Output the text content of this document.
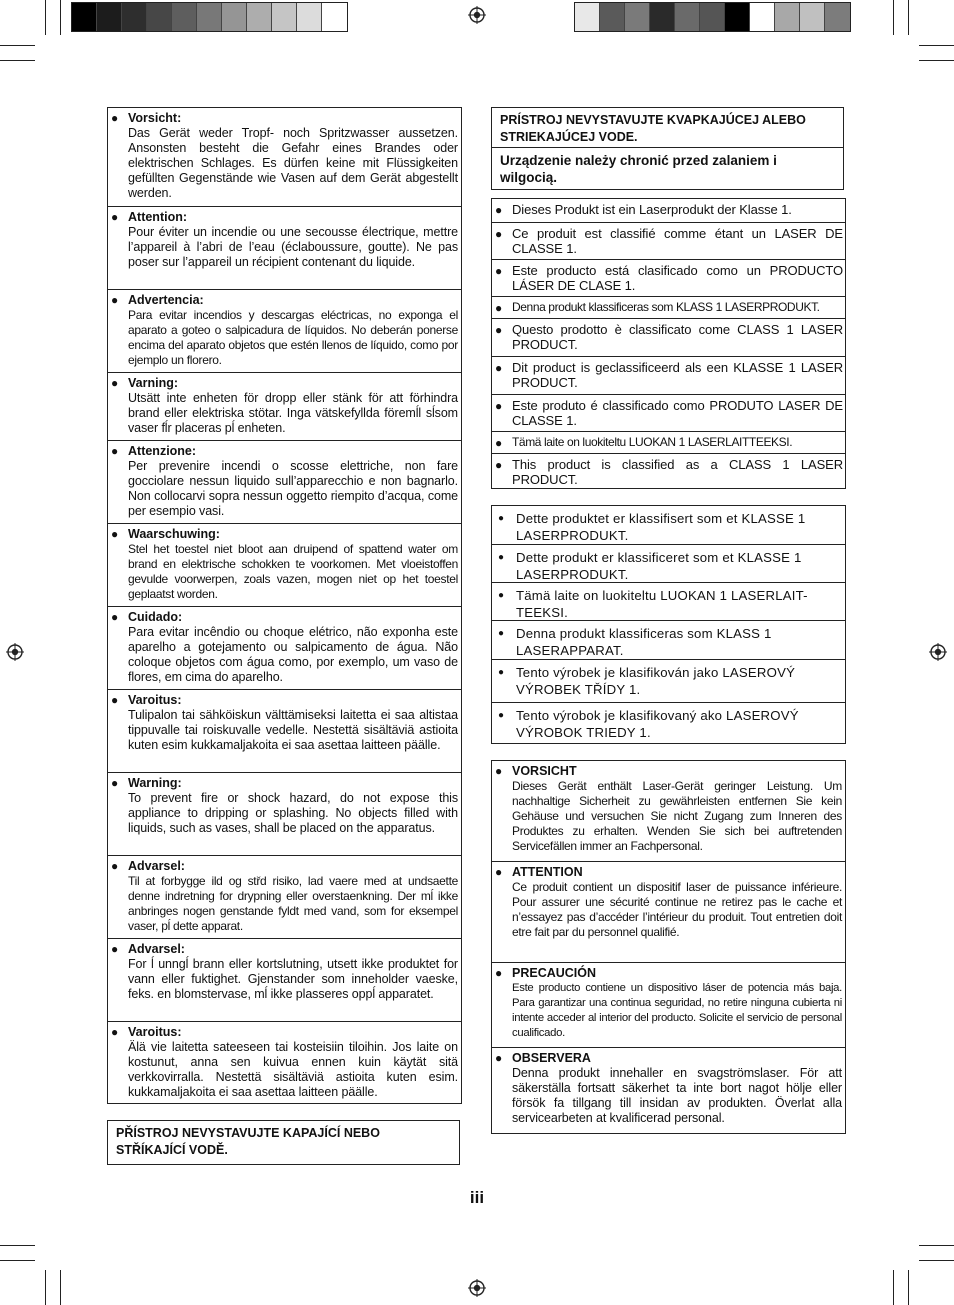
● Vorsicht:
Das Gerät weder Tropf- noch Spritzwasser aussetzen. Ansonsten besteht die Gefahr eines Brandes oder elektrischen Schlages. Es dürfen keine mit Flüssigkeiten gefüllten Gegenstände wie Vasen auf dem Gerät abgestellt werden.
● Attention:
Pour éviter un incendie ou une secousse électrique, mettre l’appareil à l’abri de l’eau (éclaboussure, goutte). Ne pas poser sur l’appareil un récipient contenant du liquide.
● Advertencia:
Para evitar incendios y descargas eléctricas, no exponga el aparato a goteo o salpicadura de líquidos. No deberán ponerse encima del aparato objetos que estén llenos de líquido, como por ejemplo un florero.
● Varning:
Utsätt inte enheten för dropp eller stänk för att förhindra brand eller elektriska stötar. Inga vätskefyllda föremĺl sĺsom vaser fĺr placeras pĺ enheten.
● Attenzione:
Per prevenire incendi o scosse elettriche, non fare gocciolare nessun liquido sull’apparecchio e non bagnarlo. Non collocarvi sopra nessun oggetto riempito d’acqua, come per esempio vasi.
● Waarschuwing:
Stel het toestel niet bloot aan druipend of spattend water om brand en elektrische schokken te voorkomen. Met vloeistoffen gevulde voorwerpen, zoals vazen, mogen niet op het toestel geplaatst worden.
● Cuidado:
Para evitar incêndio ou choque elétrico, não exponha este aparelho a gotejamento ou salpicamento de água. Não coloque objetos com água como, por exemplo, um vaso de flores, em cima do aparelho.
● Varoitus:
Tulipalon tai sähköiskun välttämiseksi laitetta ei saa altistaa tippuvalle tai roiskuvalle vedelle. Nestettä sisältäviä astioita kuten esim kukkamaljakoita ei saa asettaa laitteen päälle.
● Warning:
To prevent fire or shock hazard, do not expose this appliance to dripping or splashing. No objects filled with liquids, such as vases, shall be placed on the apparatus.
● Advarsel:
Til at forbygge ild og střd risiko, lad vaere med at undsaette denne indretning for drypning eller overstaenkning. Der mĺ ikke anbringes nogen genstande fyldt med vand, som for eksempel vaser, pĺ dette apparat.
● Advarsel:
For ĺ unngĺ brann eller kortslutning, utsett ikke produktet for vann eller fuktighet. Gjenstander som inneholder vaeske, feks. en blomstervase, mĺ ikke plasseres oppĺ apparatet.
● Varoitus:
Älä vie laitetta sateeseen tai kosteisiin tiloihin. Jos laite on kostunut, anna sen kuivua ennen kuin käytät sitä verkkovirralla. Nestettä sisältäviä astioita kuten esim. kukkamaljakoita ei saa asettaa laitteen päälle.
PŘÍSTROJ NEVYSTAVUJTE KAPAJÍCÍ NEBO STŘÍKAJÍCÍ VODĚ.
PRÍSTROJ NEVYSTAVUJTE KVAPKAJÚCEJ ALEBO STRIEKAJÚCEJ VODE.
Urządzenie należy chronić przed zalaniem i wilgocią.
● Dieses Produkt ist ein Laserprodukt der Klasse 1.
● Ce produit est classifié comme étant un LASER DE CLASSE 1.
● Este producto está clasificado como un PRODUCTO LÁSER DE CLASE 1.
● Denna produkt klassificeras som KLASS 1 LASERPRODUKT.
● Questo prodotto è classificato come CLASS 1 LASER PRODUCT.
● Dit product is geclassificeerd als een KLASSE 1 LASER PRODUCT.
● Este produto é classificado como PRODUTO LASER DE CLASSE 1.
● Tämä laite on luokiteltu LUOKAN 1 LASERLAITTEEKSI.
● This product is classified as a CLASS 1 LASER PRODUCT.
● Dette produktet er klassifisert som et KLASSE 1 LASERPRODUKT.
● Dette produkt er klassificeret som et KLASSE 1 LASERPRODUKT.
● Tämä laite on luokiteltu LUOKAN 1 LASERLAIT-TEEKSI.
● Denna produkt klassificeras som KLASS 1 LASERAPPARAT.
● Tento výrobek je klasifikován jako LASEROVÝ VÝROBEK TŘÍDY 1.
● Tento výrobok je klasifikovaný ako LASEROVÝ VÝROBOK TRIEDY 1.
● VORSICHT
Dieses Gerät enthält Laser-Gerät geringer Leistung. Um nachhaltige Sicherheit zu gewährleisten entfernen Sie kein Gehäuse und versuchen Sie nicht Zugang zum Inneren des Produktes zu erhalten. Wenden Sie sich bei auftretenden Servicefällen immer an Fachpersonal.
● ATTENTION
Ce produit contient un dispositif laser de puissance inférieure. Pour assurer une sécurité continue ne retirez pas le cache et n’essayez pas d’accéder l’intérieur du produit. Tout entretien doit etre fait par du personnel qualifié.
● PRECAUCIÓN
Este producto contiene un dispositivo láser de potencia más baja. Para garantizar una continua seguridad, no retire ninguna cubierta ni intente acceder al interior del producto. Solicite el servicio de personal cualificado.
● OBSERVERA
Denna produkt innehaller en svagströmslaser. För att säkerställa fortsatt säkerhet ta inte bort nagot hölje eller försök fa tillgang till insidan av produkten. Överlat alla servicearbeten at kvalificerad personal.
iii
